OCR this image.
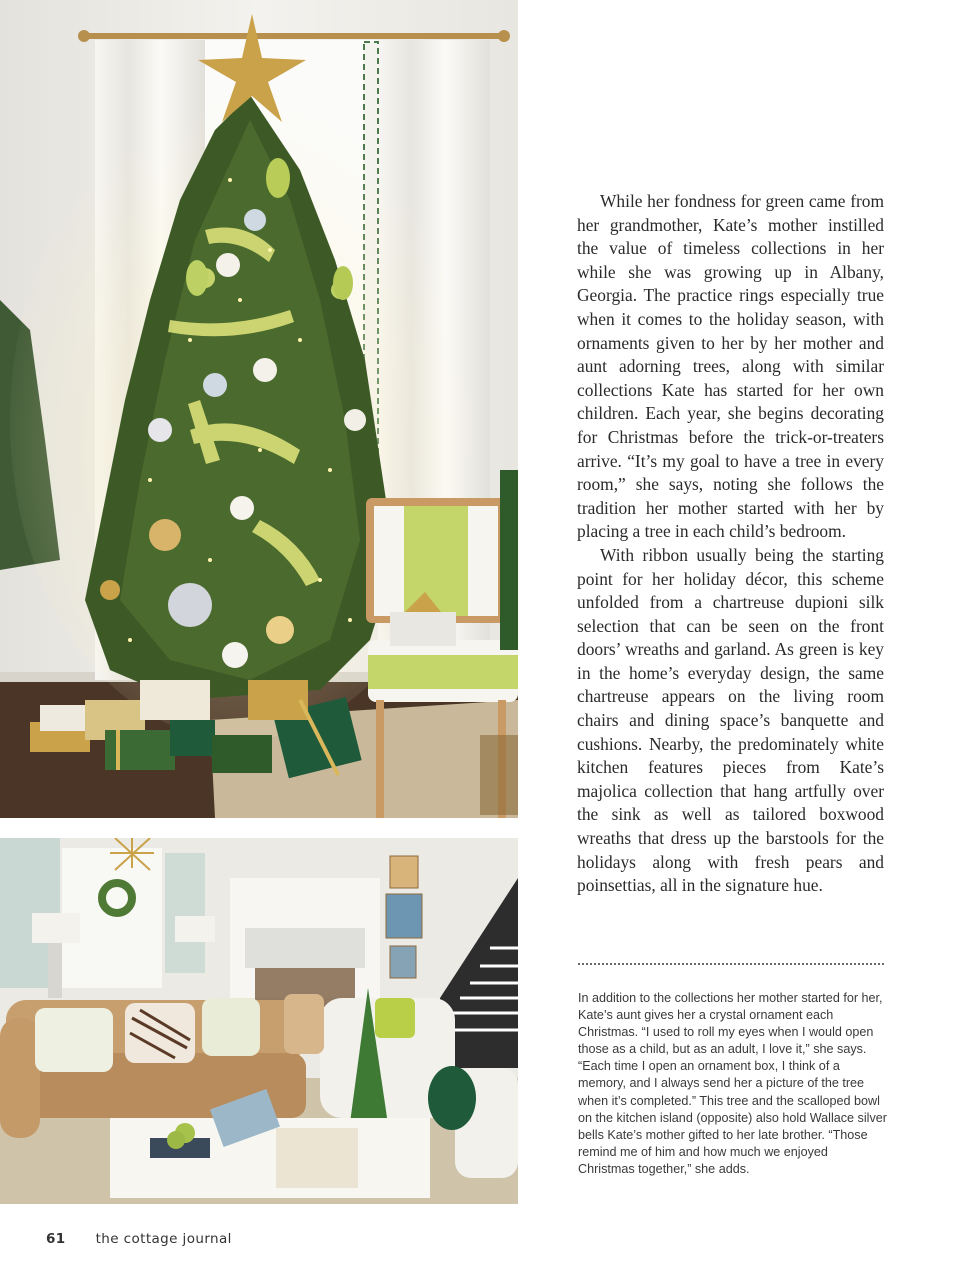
While her fondness for green came from her grandmother, Kate’s mother instilled the value of timeless collections in her while she was growing up in Albany, Georgia. The practice rings especially true when it comes to the holiday season, with ornaments given to her by her mother and aunt adorning trees, along with similar collections Kate has started for her own children. Each year, she begins decorating for Christmas before the trick-or-treaters arrive. “It’s my goal to have a tree in every room,” she says, noting she follows the tradition her mother started with her by placing a tree in each child’s bedroom.

With ribbon usually being the starting point for her holiday décor, this scheme unfolded from a chartreuse dupioni silk selection that can be seen on the front doors’ wreaths and garland. As green is key in the home’s everyday design, the same chartreuse appears on the living room chairs and dining space’s banquette and cushions. Nearby, the predominately white kitchen features pieces from Kate’s majolica collection that hang artfully over the sink as well as tailored boxwood wreaths that dress up the barstools for the holidays along with fresh pears and poinsettias, all in the signature hue.

In addition to the collections her mother started for her, Kate’s aunt gives her a crystal ornament each Christmas. “I used to roll my eyes when I would open those as a child, but as an adult, I love it,” she says. “Each time I open an ornament box, I think of a memory, and I always send her a picture of the tree when it’s completed.” This tree and the scalloped bowl on the kitchen island (opposite) also hold Wallace silver bells Kate’s mother gifted to her late brother. “Those remind me of him and how much we enjoyed Christmas together,” she adds.

61 the cottage journal
